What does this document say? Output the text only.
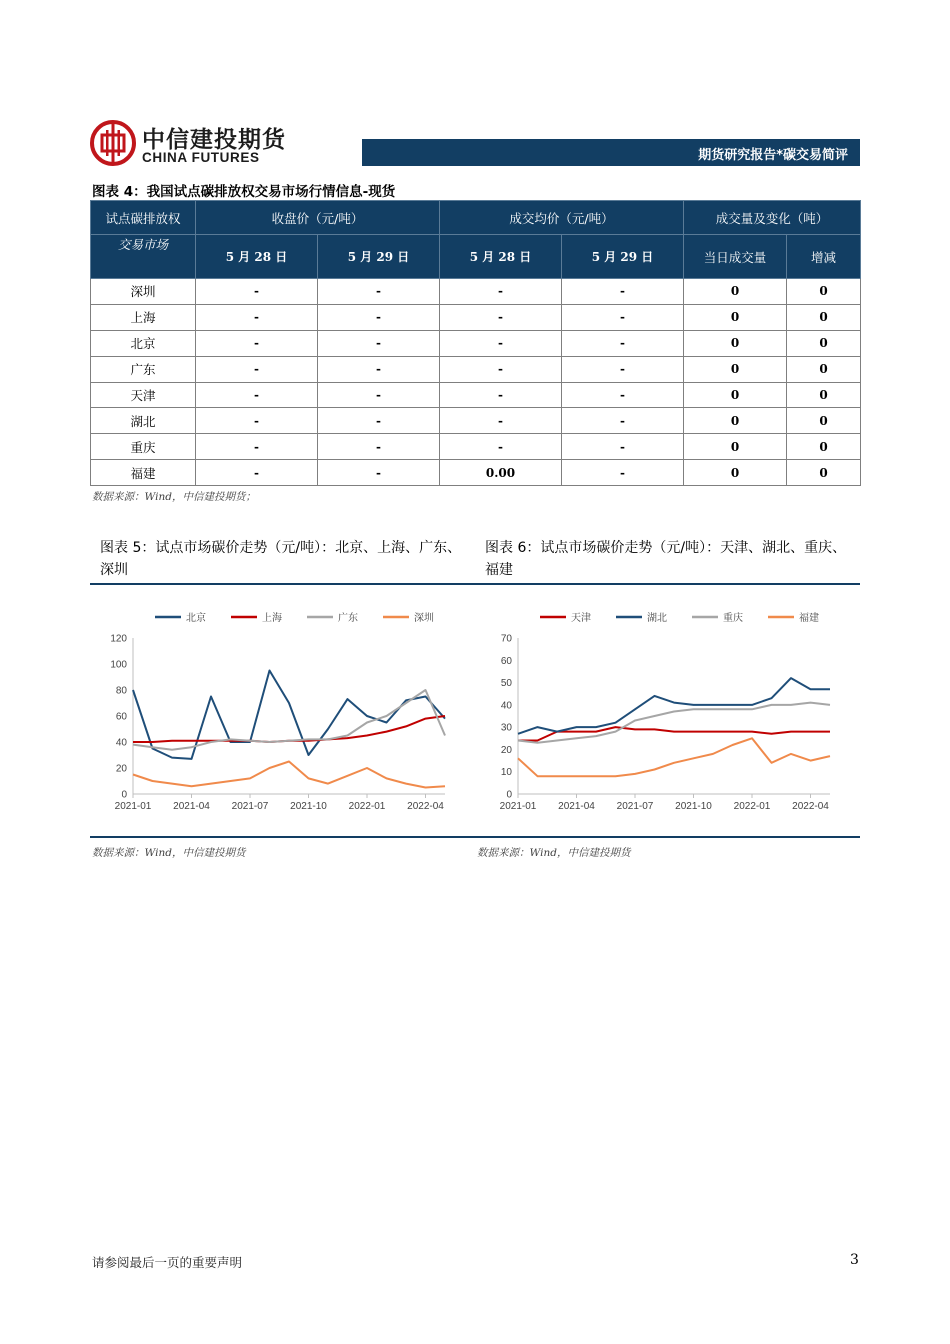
中信建投期货
CHINA FUTURES	期货研究报告*碳交易简评
图表 4：我国试点碳排放权交易市场行情信息-现货
试点碳排放权	收盘价（元/吨）		成交均价（元/吨）		成交量及变化（吨）	
交易市场	5 月 28 日	5 月 29 日	5 月 28 日	5 月 29 日	当日成交量	增减
深圳	-	-	-	-	0	0
上海	-	-	-	-	0	0
北京	-	-	-	-	0	0
广东	-	-	-	-	0	0
天津	-	-	-	-	0	0
湖北	-	-	-	-	0	0
重庆	-	-	-	-	0	0
福建	-	-	0.00	-	0	0
数据来源：Wind，中信建投期货；
图表 5：试点市场碳价走势（元/吨）：北京、上海、广东、深圳
图表 6：试点市场碳价走势（元/吨）：天津、湖北、重庆、福建
北京	上海	广东	深圳
0
20
40
60
80
100
120
2021-01 2021-04 2021-07 2021-10 2022-01 2022-04
天津	湖北	重庆	福建
0
10
20
30
40
50
60
70
2021-01 2021-04 2021-07 2021-10 2022-01 2022-04
数据来源：Wind，中信建投期货	数据来源：Wind，中信建投期货
请参阅最后一页的重要声明	3
